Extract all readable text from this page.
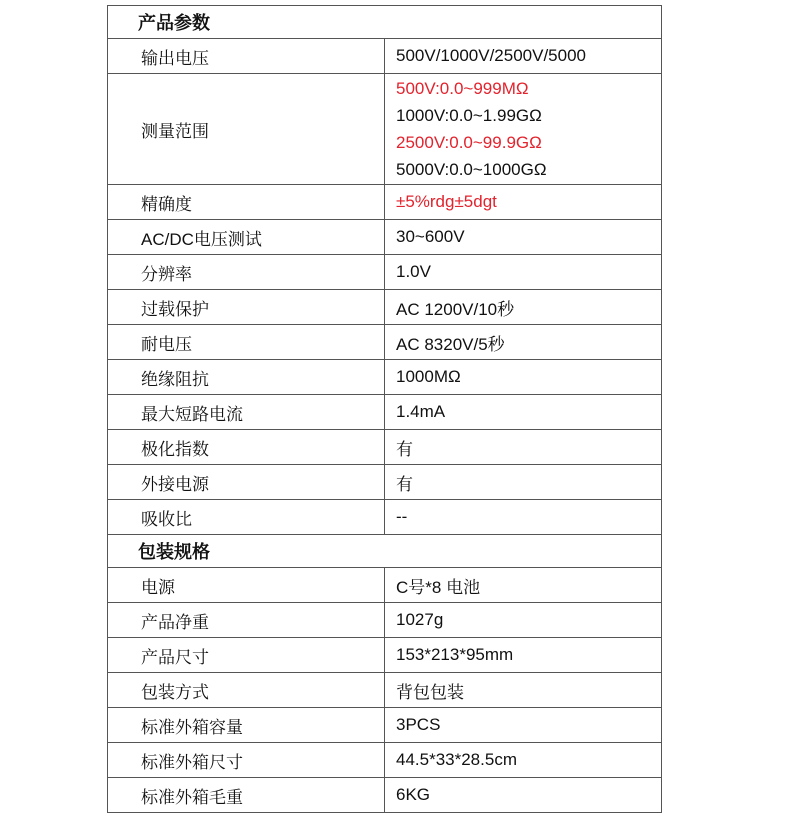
产品参数	
输出电压	500V/1000V/2500V/5000
测量范围	500V:0.0~999MΩ
1000V:0.0~1.99GΩ
2500V:0.0~99.9GΩ
5000V:0.0~1000GΩ

精确度	±5%rdg±5dgt
AC/DC电压测试	30~600V
分辨率	1.0V
过载保护	AC 1200V/10秒
耐电压	AC 8320V/5秒
绝缘阻抗	1000MΩ
最大短路电流	1.4mA
极化指数	有
外接电源	有
吸收比	--
包装规格	
电源	C号*8 电池
产品净重	1027g
产品尺寸	153*213*95mm
包装方式	背包包装
标准外箱容量	3PCS
标准外箱尺寸	44.5*33*28.5cm
标准外箱毛重	6KG
